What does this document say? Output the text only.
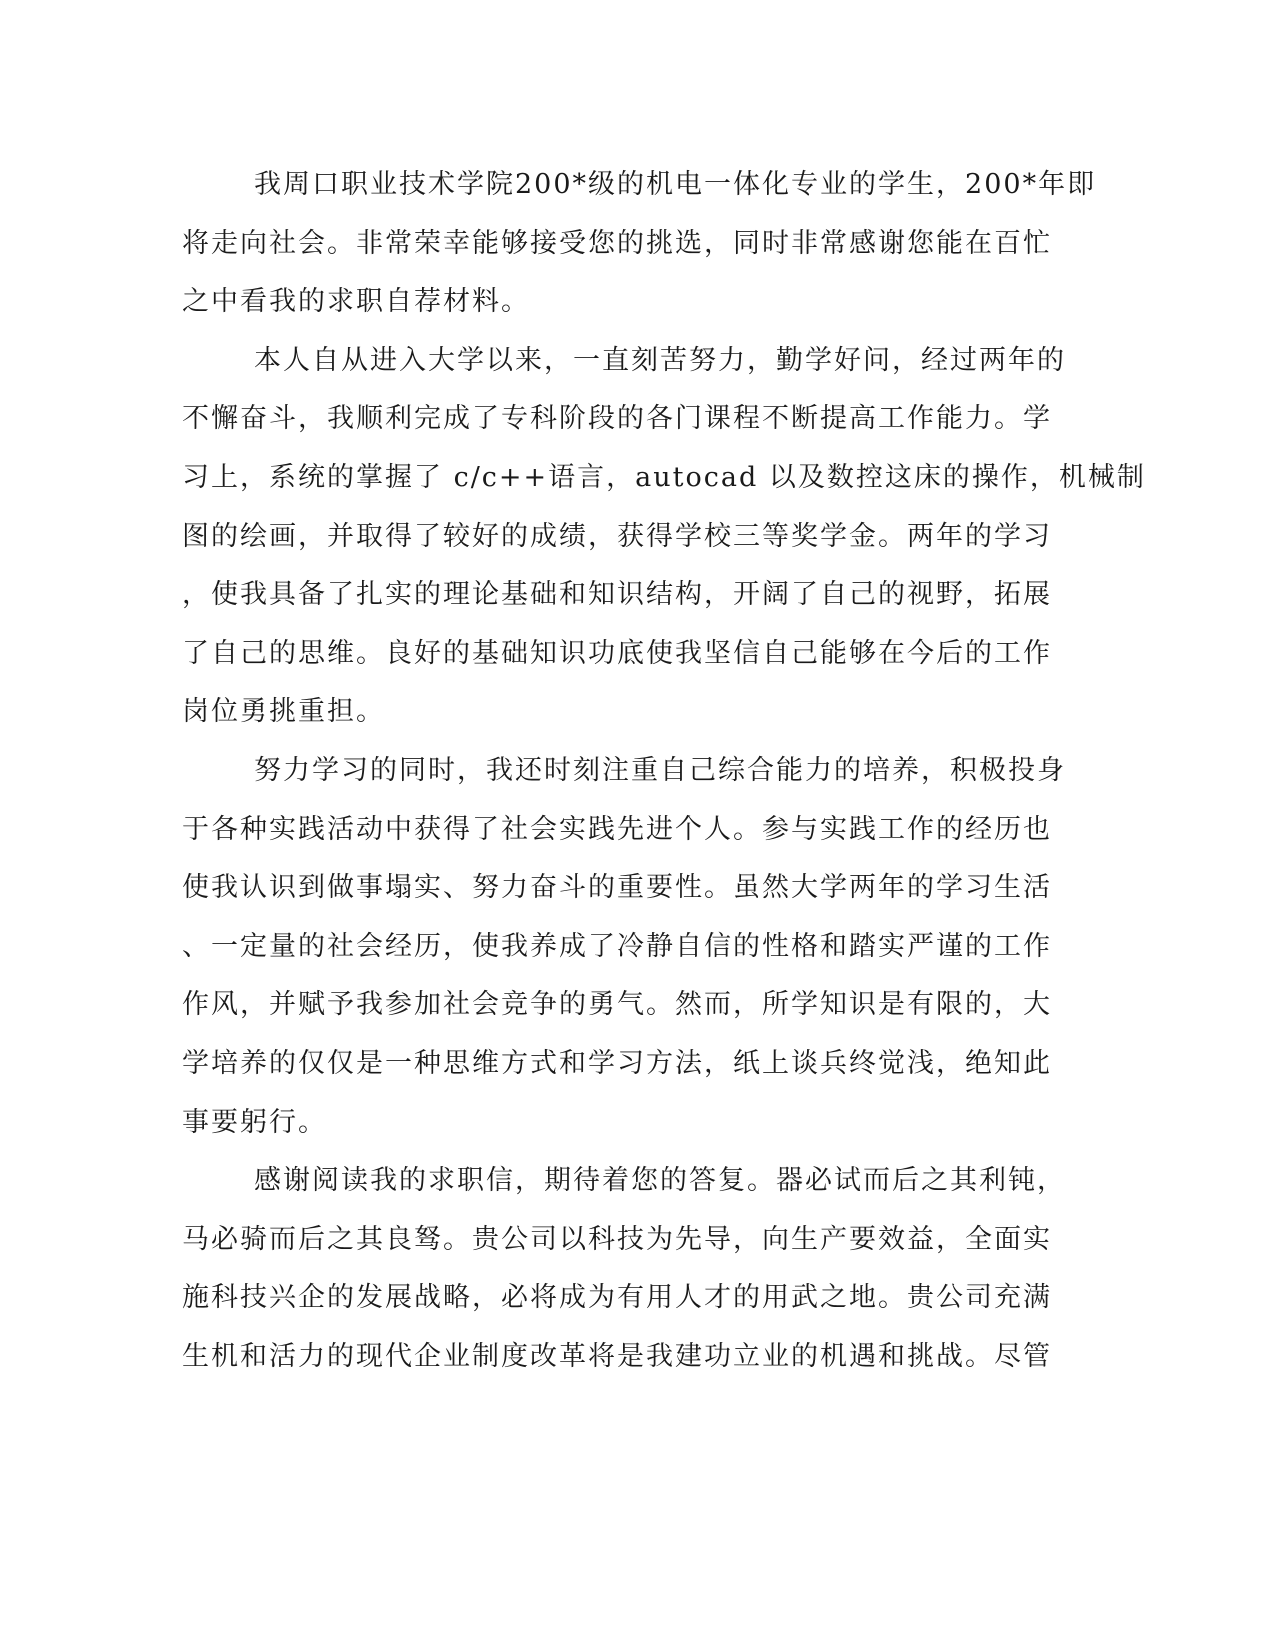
我周口职业技术学院200*级的机电一体化专业的学生，200*年即
将走向社会。非常荣幸能够接受您的挑选，同时非常感谢您能在百忙
之中看我的求职自荐材料。

本人自从进入大学以来，一直刻苦努力，勤学好问，经过两年的
不懈奋斗，我顺利完成了专科阶段的各门课程不断提高工作能力。学
习上，系统的掌握了 c/c++语言，autocad 以及数控这床的操作，机械制
图的绘画，并取得了较好的成绩，获得学校三等奖学金。两年的学习
，使我具备了扎实的理论基础和知识结构，开阔了自己的视野，拓展
了自己的思维。良好的基础知识功底使我坚信自己能够在今后的工作
岗位勇挑重担。

努力学习的同时，我还时刻注重自己综合能力的培养，积极投身
于各种实践活动中获得了社会实践先进个人。参与实践工作的经历也
使我认识到做事塌实、努力奋斗的重要性。虽然大学两年的学习生活
、一定量的社会经历，使我养成了冷静自信的性格和踏实严谨的工作
作风，并赋予我参加社会竞争的勇气。然而，所学知识是有限的，大
学培养的仅仅是一种思维方式和学习方法，纸上谈兵终觉浅，绝知此
事要躬行。

感谢阅读我的求职信，期待着您的答复。器必试而后之其利钝，
马必骑而后之其良驽。贵公司以科技为先导，向生产要效益，全面实
施科技兴企的发展战略，必将成为有用人才的用武之地。贵公司充满
生机和活力的现代企业制度改革将是我建功立业的机遇和挑战。尽管
